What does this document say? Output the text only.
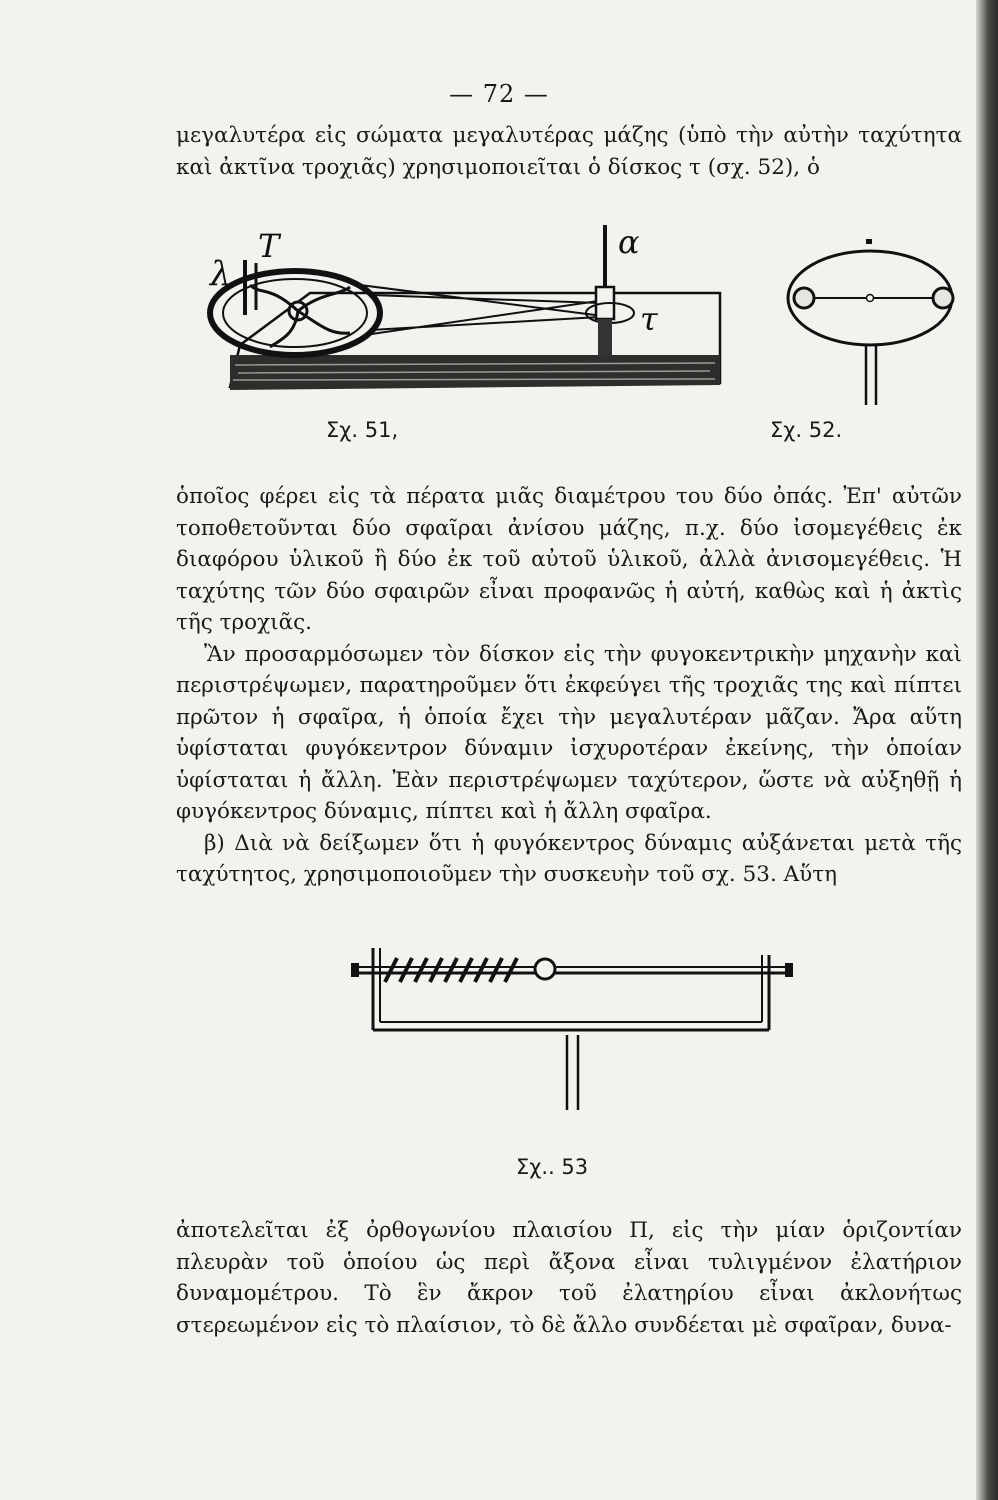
— 72 —

μεγαλυτέρα εἰς σώματα μεγαλυτέρας μάζης (ὑπὸ τὴν αὐτὴν ταχύτητα καὶ ἀκτῖνα τροχιᾶς) χρησιμοποιεῖται ὁ δίσκος τ (σχ. 52), ὁ

λ
T	α
τ
Σχ. 51,	Σχ. 52.

ὁποῖος φέρει εἰς τὰ πέρατα μιᾶς διαμέτρου του δύο ὀπάς. Ἐπ' αὐτῶν τοποθετοῦνται δύο σφαῖραι ἀνίσου μάζης, π.χ. δύο ἰσομεγέθεις ἐκ διαφόρου ὑλικοῦ ἢ δύο ἐκ τοῦ αὐτοῦ ὑλικοῦ, ἀλλὰ ἀνισομεγέθεις. Ἡ ταχύτης τῶν δύο σφαιρῶν εἶναι προφανῶς ἡ αὐτή, καθὼς καὶ ἡ ἀκτὶς τῆς τροχιᾶς.

Ἂν προσαρμόσωμεν τὸν δίσκον εἰς τὴν φυγοκεντρικὴν μηχανὴν καὶ περιστρέψωμεν, παρατηροῦμεν ὅτι ἐκφεύγει τῆς τροχιᾶς της καὶ πίπτει πρῶτον ἡ σφαῖρα, ἡ ὁποία ἔχει τὴν μεγαλυτέραν μᾶζαν. Ἄρα αὕτη ὑφίσταται φυγόκεντρον δύναμιν ἰσχυροτέραν ἐκείνης, τὴν ὁποίαν ὑφίσταται ἡ ἄλλη. Ἐὰν περιστρέψωμεν ταχύτερον, ὥστε νὰ αὐξηθῇ ἡ φυγόκεντρος δύναμις, πίπτει καὶ ἡ ἄλλη σφαῖρα.

β) Διὰ νὰ δείξωμεν ὅτι ἡ φυγόκεντρος δύναμις αὐξάνεται μετὰ τῆς ταχύτητος, χρησιμοποιοῦμεν τὴν συσκευὴν τοῦ σχ. 53. Αὕτη

Σχ.. 53

ἀποτελεῖται ἐξ ὀρθογωνίου πλαισίου Π, εἰς τὴν μίαν ὁριζοντίαν πλευρὰν τοῦ ὁποίου ὡς περὶ ἄξονα εἶναι τυλιγμένον ἐλατήριον δυναμομέτρου. Τὸ ἓν ἄκρον τοῦ ἐλατηρίου εἶναι ἀκλονήτως στερεωμένον εἰς τὸ πλαίσιον, τὸ δὲ ἄλλο συνδέεται μὲ σφαῖραν, δυνα-
